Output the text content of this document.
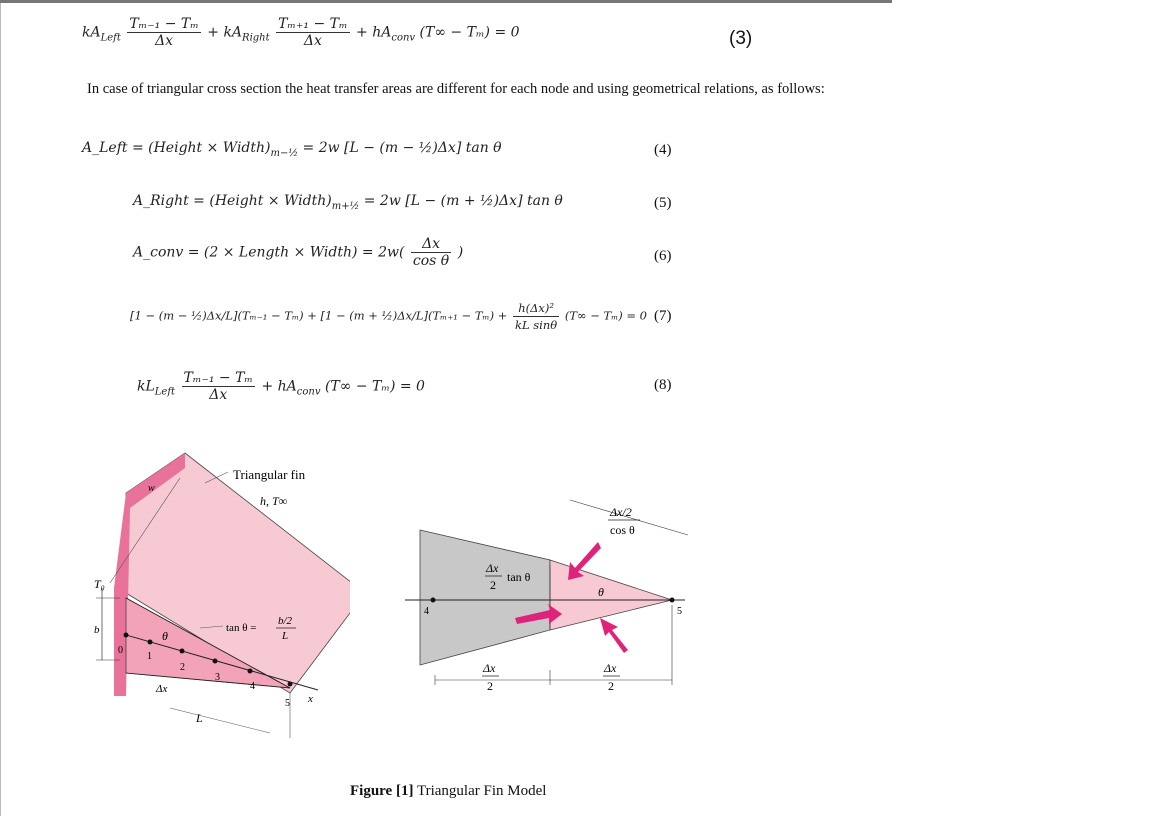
$kA_{Left} \frac{\text{Tₘ₋₁ − Tₘ}}{\Delta x} + kA_{Right} \frac{\text{Tₘ₊₁ − Tₘ}}{\Delta x} + hA_{conv}$ (T∞ − Tₘ) = 0	(3)
In case of triangular cross section the heat transfer areas are different for each node and using geometrical relations, as follows:
A_Left = (Height × $Width)_{m-\frac{1}{2}} = 2w$ [L − (m − ½)Δx] tan θ	(4)
A_Right = (Height × $Width)_{m+\frac{1}{2}} = 2w$ [L − (m + ½)Δx] tan θ	(5)
A_conv = (2 × Length × Width) = $2w( \frac{\Delta x}{\text{cos θ}}$ )	(6)
[1 − (m − ½)Δx/L](Tₘ₋₁ − Tₘ) + [1 − (m + ½)Δx/L](Tₘ₊₁ − $T_m) + \frac{\text{h(Δx)²}}{\text{kL sinθ}} (T\infty - T_m) = 0$ (7)
$kL_{Left} \frac{\text{Tₘ₋₁ − Tₘ}}{\Delta x} + hA_{conv}$ (T∞ − Tₘ) = 0	(8)
Triangular fin
h, T∞
w
T₀
b	θ
tan θ =
b/2
L
Δx
L
x
0
1
2
3
4
5
Δx/2
cos θ
Δx
2
tan θ
θ
4	5
Δx
2
Δx
2
Figure [1] Triangular Fin Model
